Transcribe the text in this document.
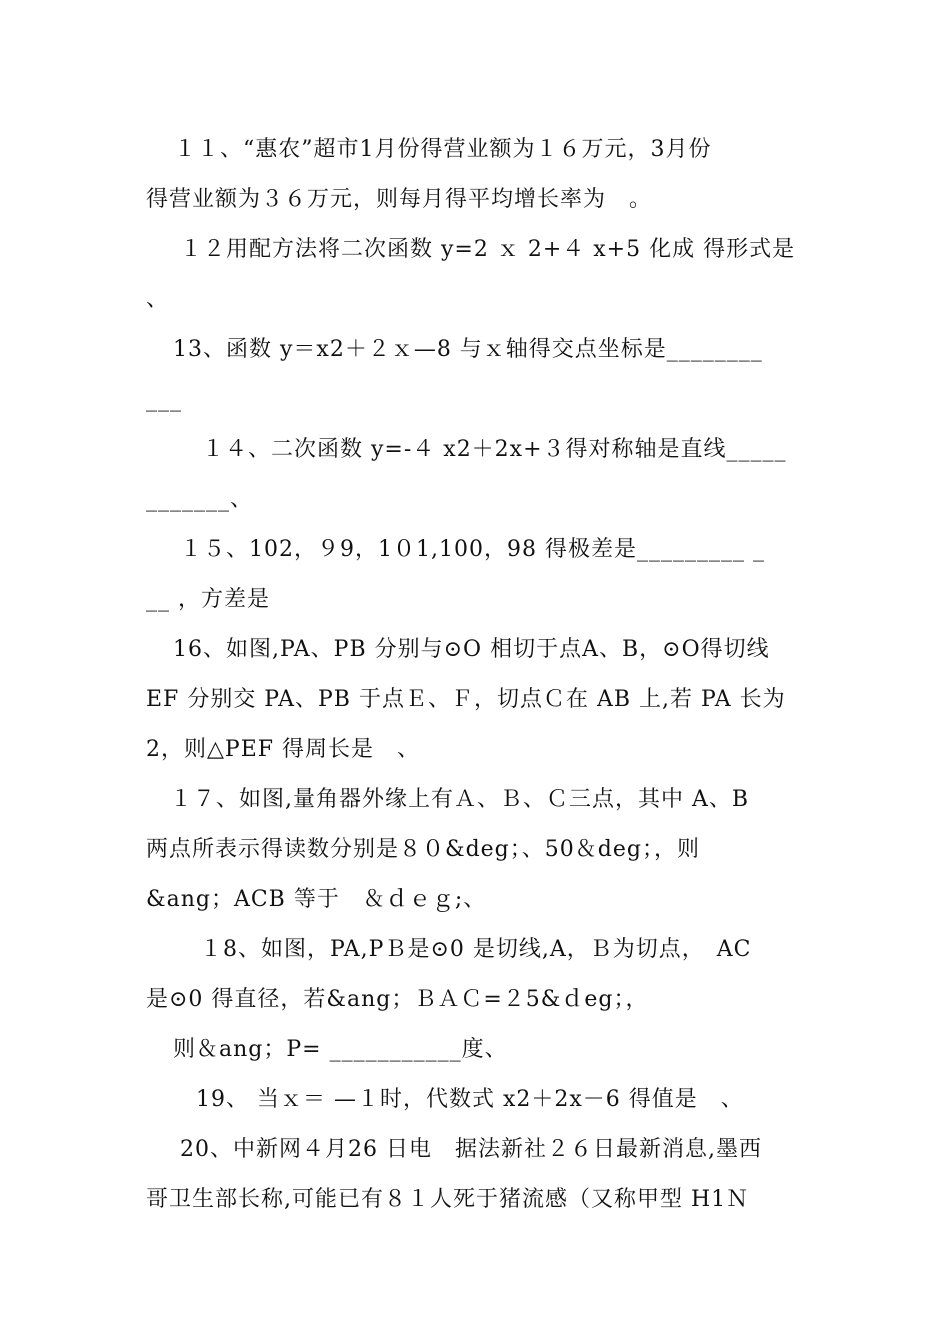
１１、“惠农”超市1月份得营业额为１６万元，3月份
得营业额为３６万元，则每月得平均增长率为　。
１２用配方法将二次函数 y=2 ｘ 2+４ x+5 化成 得形式是
、
13、函数 y＝x2＋２ｘ—8 与ｘ轴得交点坐标是________
___
１４、二次函数 y=-４ x2＋2x+３得对称轴是直线_____
_______、
１５、102，９9，1０1,100，98 得极差是_________ _
__ ，方差是
16、如图,PA、PB 分别与⊙O 相切于点A、B，⊙O得切线
EF 分别交 PA、PB 于点Ｅ、Ｆ，切点Ｃ在 AB 上,若 PA 长为
2，则△PEF 得周长是　、
１７、如图,量角器外缘上有Ａ、Ｂ、Ｃ三点，其中 A、B
两点所表示得读数分别是８０&deg；、50＆deg；，则
&ang；ACB 等于　＆ｄｅｇ;、
１8、如图，PA,PＢ是⊙0 是切线,A，Ｂ为切点，　AC
是⊙0 得直径，若&ang；ＢＡＣ=２5&ｄeg；，
则＆ang；P= ___________度、
19、 当ｘ＝ —１时，代数式 x2＋2x－6 得值是　、
20、中新网４月26 日电　据法新社２６日最新消息,墨西
哥卫生部长称,可能已有８１人死于猪流感（又称甲型 H1Ｎ
